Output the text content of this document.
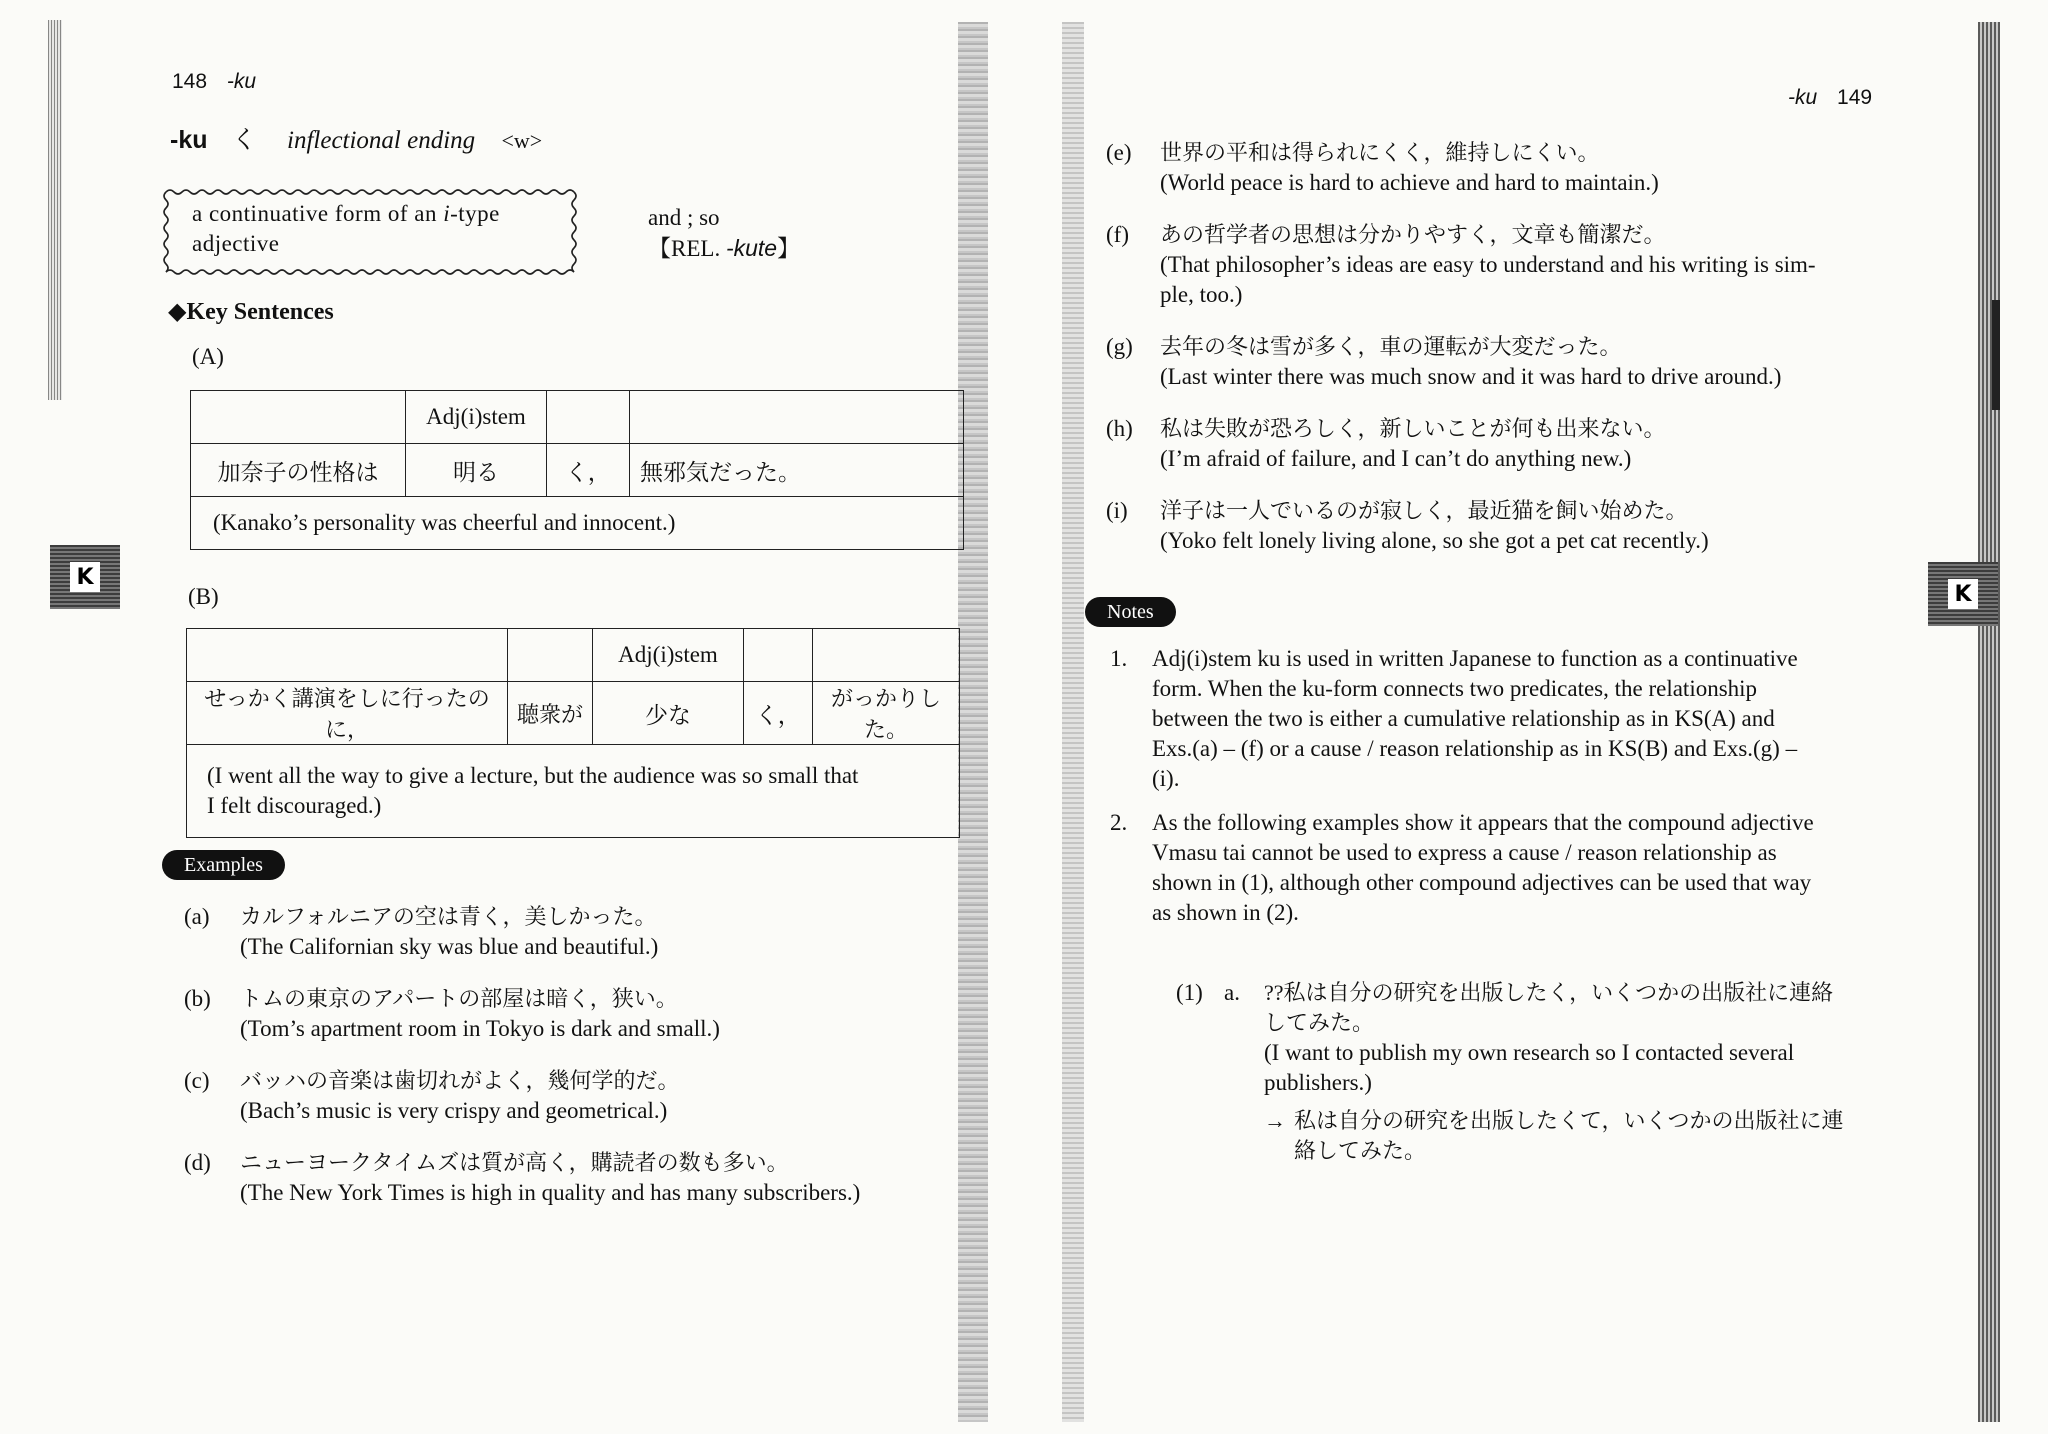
148 -ku
-ku く inflectional ending <w>
a continuative form of an i-type
adjective
and ; so
【REL. -kute】
◆Key Sentences
(A)
	Adj(i)stem		
加奈子の性格は	明る	く，	無邪気だった。
(Kanako’s personality was cheerful and innocent.)			
(B)
		Adj(i)stem		
せっかく講演をしに行ったのに，	聴衆が	少な	く，	がっかりした。

(I went all the way to give a lecture, but the audience was so small that
I felt discouraged.)				
Examples
(a)	カルフォルニアの空は青く，美しかった。
(The Californian sky was blue and beautiful.)
(b)	トムの東京のアパートの部屋は暗く，狭い。
(Tom’s apartment room in Tokyo is dark and small.)
(c)	バッハの音楽は歯切れがよく，幾何学的だ。
(Bach’s music is very crispy and geometrical.)
(d)	ニューヨークタイムズは質が高く，購読者の数も多い。
(The New York Times is high in quality and has many subscribers.)
K
-ku 149
(e)	世界の平和は得られにくく，維持しにくい。
(World peace is hard to achieve and hard to maintain.)
(f)	あの哲学者の思想は分かりやすく，文章も簡潔だ。
(That philosopher’s ideas are easy to understand and his writing is sim-
ple, too.)
(g)	去年の冬は雪が多く，車の運転が大変だった。
(Last winter there was much snow and it was hard to drive around.)
(h)	私は失敗が恐ろしく，新しいことが何も出来ない。
(I’m afraid of failure, and I can’t do anything new.)
(i)	洋子は一人でいるのが寂しく，最近猫を飼い始めた。
(Yoko felt lonely living alone, so she got a pet cat recently.)
Notes
1.	Adj(i)stem ku is used in written Japanese to function as a continuative
form. When the ku-form connects two predicates, the relationship
between the two is either a cumulative relationship as in KS(A) and
Exs.(a) – (f) or a cause / reason relationship as in KS(B) and Exs.(g) –
(i).
2.	As the following examples show it appears that the compound adjective
Vmasu tai cannot be used to express a cause / reason relationship as
shown in (1), although other compound adjectives can be used that way
as shown in (2).
(1) a.	??私は自分の研究を出版したく，いくつかの出版社に連絡
してみた。
(I want to publish my own research so I contacted several
publishers.)
→ 私は自分の研究を出版したくて，いくつかの出版社に連
絡してみた。
K
